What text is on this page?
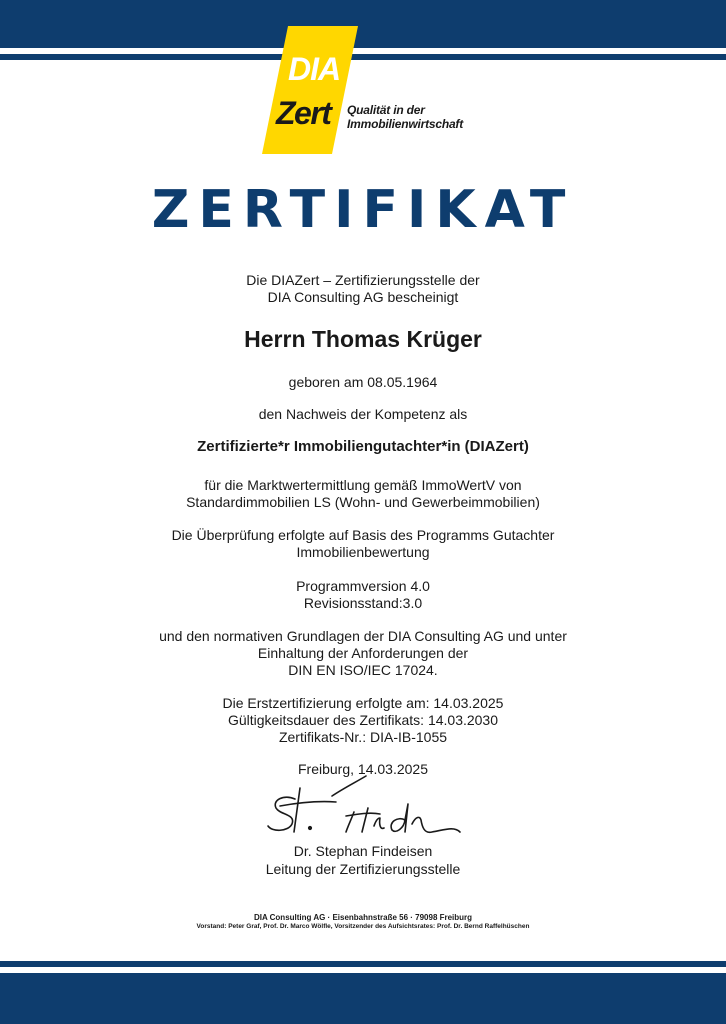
DIA
Zert Qualität in der
Immobilienwirtschaft
ZERTIFIKAT
Die DIAZert – Zertifizierungsstelle der
DIA Consulting AG bescheinigt
Herrn Thomas Krüger
geboren am 08.05.1964
den Nachweis der Kompetenz als
Zertifizierte*r Immobiliengutachter*in (DIAZert)
für die Marktwertermittlung gemäß ImmoWertV von
Standardimmobilien LS (Wohn- und Gewerbeimmobilien)
Die Überprüfung erfolgte auf Basis des Programms Gutachter
Immobilienbewertung
Programmversion 4.0
Revisionsstand:3.0
und den normativen Grundlagen der DIA Consulting AG und unter
Einhaltung der Anforderungen der
DIN EN ISO/IEC 17024.
Die Erstzertifizierung erfolgte am: 14.03.2025
Gültigkeitsdauer des Zertifikats: 14.03.2030
Zertifikats-Nr.: DIA-IB-1055
Freiburg, 14.03.2025
Dr. Stephan Findeisen
Leitung der Zertifizierungsstelle
DIA Consulting AG · Eisenbahnstraße 56 · 79098 Freiburg
Vorstand: Peter Graf, Prof. Dr. Marco Wölfle, Vorsitzender des Aufsichtsrates: Prof. Dr. Bernd Raffelhüschen
